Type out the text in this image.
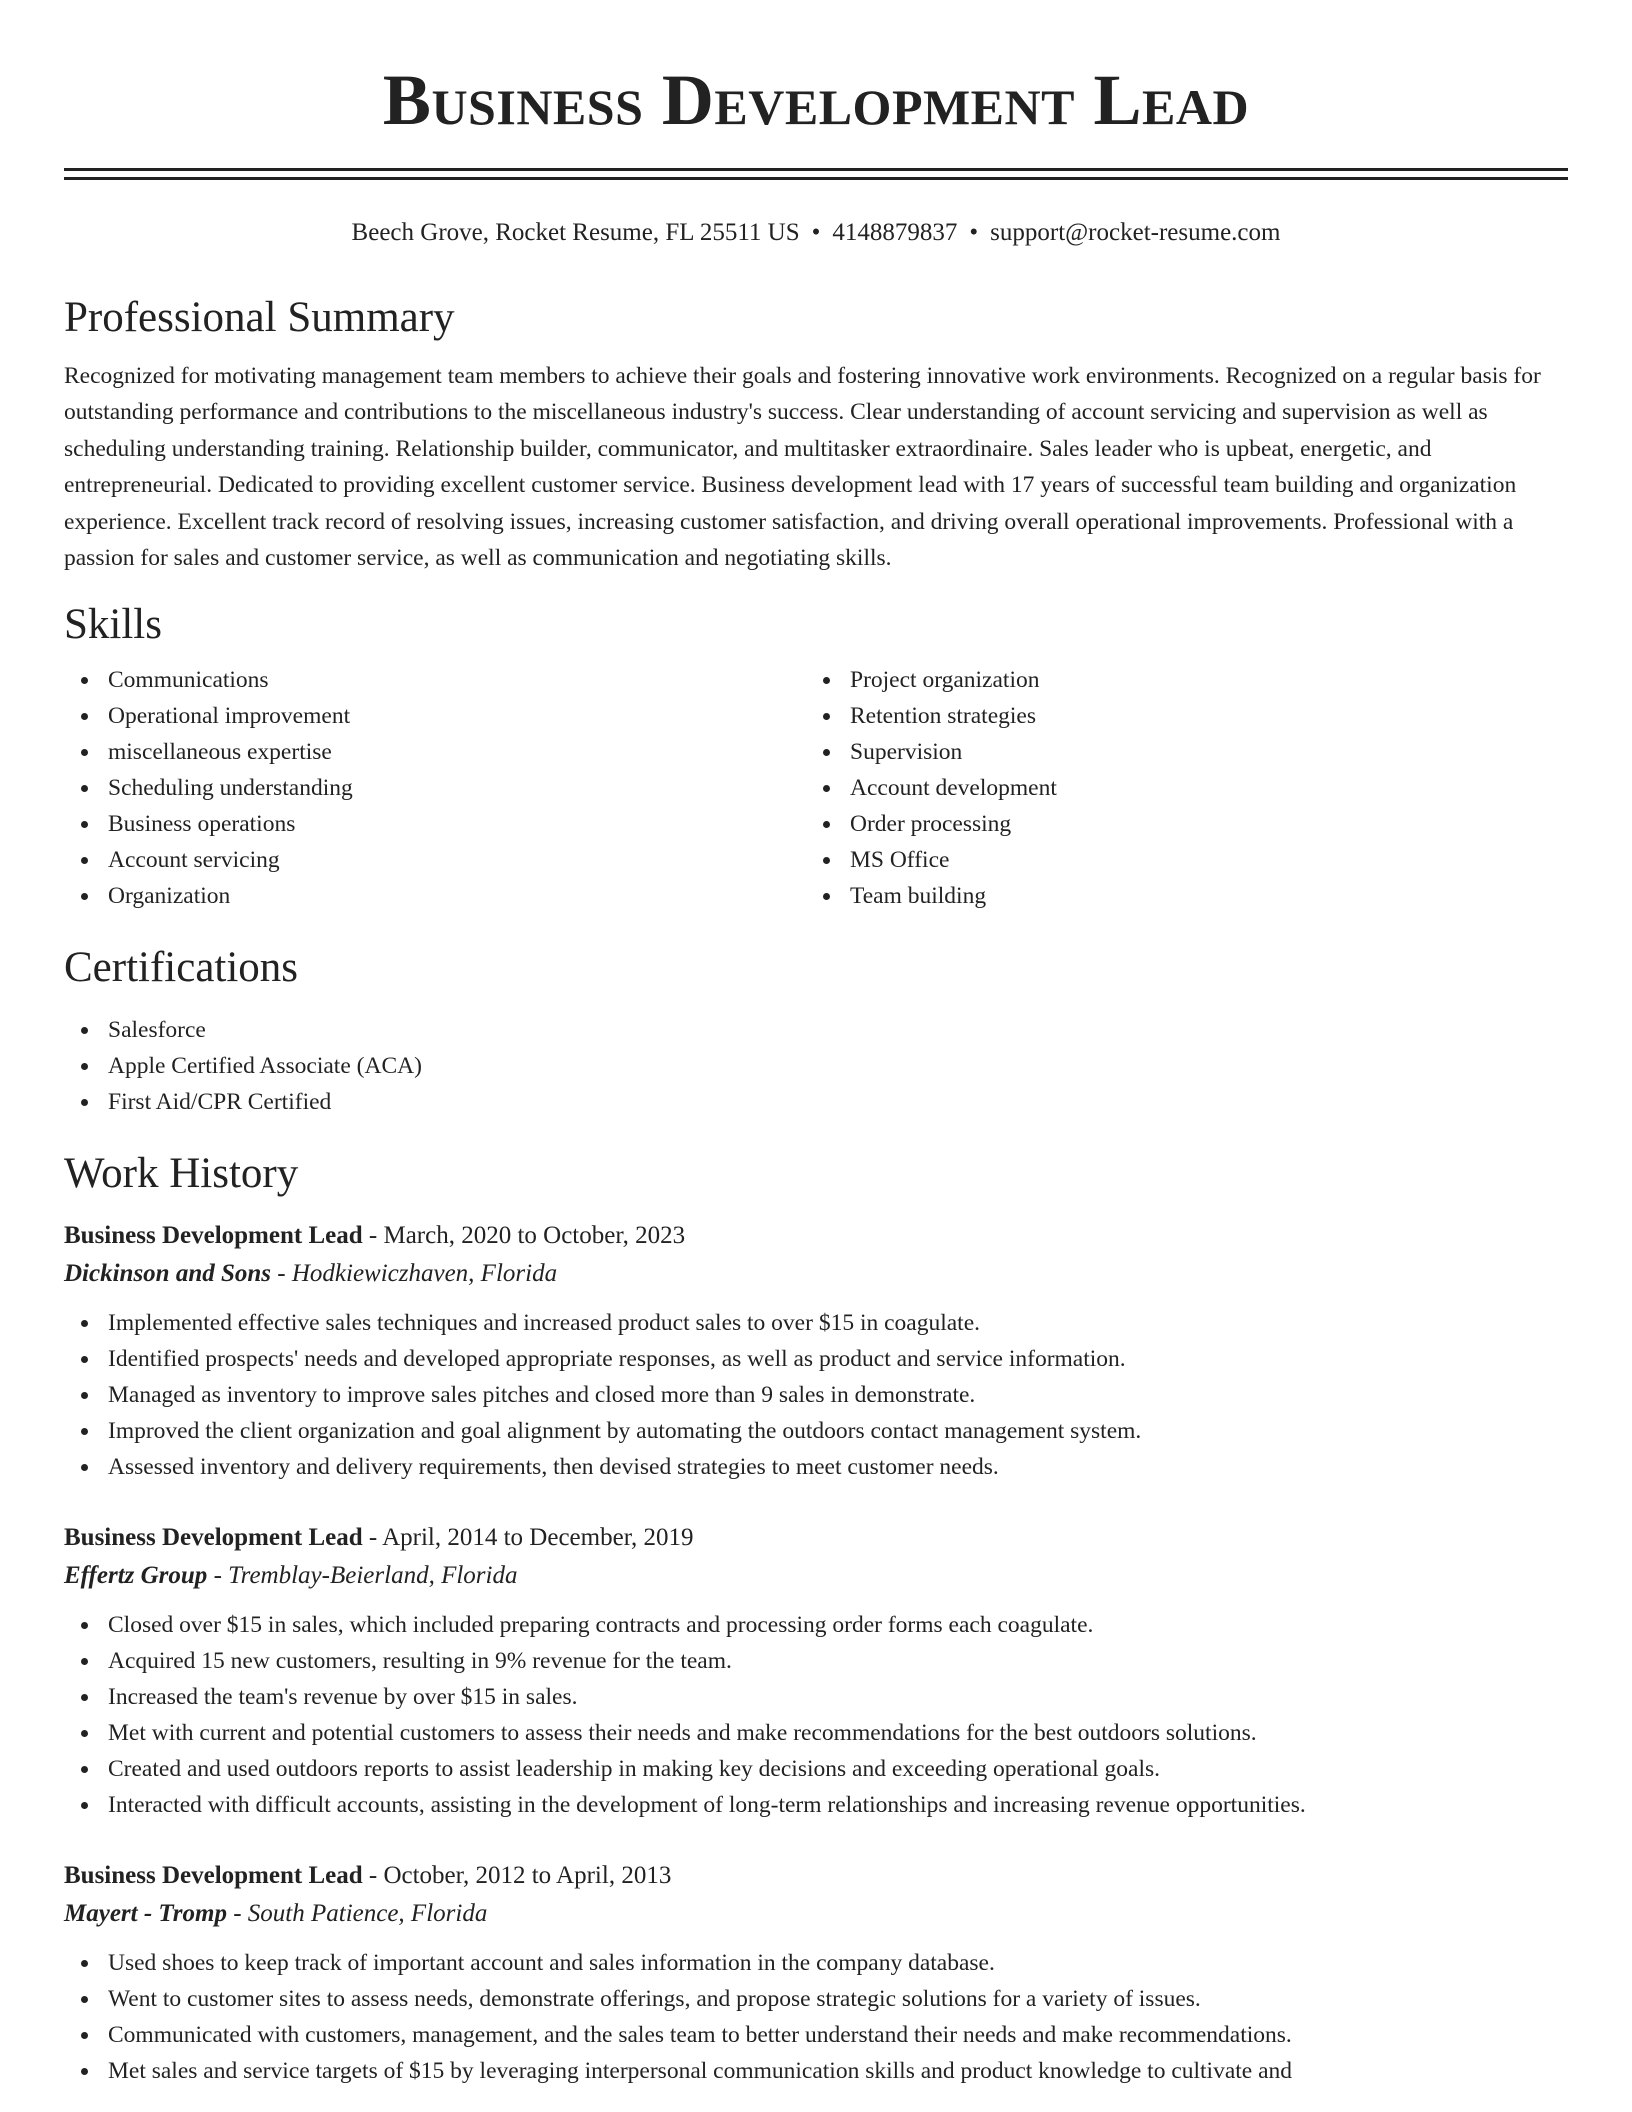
Business Development Lead
Beech Grove, Rocket Resume, FL 25511 US • 4148879837 • support@rocket-resume.com
Professional Summary

Recognized for motivating management team members to achieve their goals and fostering innovative work environments. Recognized on a regular basis for outstanding performance and contributions to the miscellaneous industry's success. Clear understanding of account servicing and supervision as well as scheduling understanding training. Relationship builder, communicator, and multitasker extraordinaire. Sales leader who is upbeat, energetic, and entrepreneurial. Dedicated to providing excellent customer service. Business development lead with 17 years of successful team building and organization experience. Excellent track record of resolving issues, increasing customer satisfaction, and driving overall operational improvements. Professional with a passion for sales and customer service, as well as communication and negotiating skills.

Skills
Communications
Operational improvement
miscellaneous expertise
Scheduling understanding
Business operations
Account servicing
Organization
Project organization
Retention strategies
Supervision
Account development
Order processing
MS Office
Team building
Certifications
Salesforce
Apple Certified Associate (ACA)
First Aid/CPR Certified
Work History
Business Development Lead - March, 2020 to October, 2023
Dickinson and Sons - Hodkiewiczhaven, Florida
Implemented effective sales techniques and increased product sales to over $15 in coagulate.
Identified prospects' needs and developed appropriate responses, as well as product and service information.
Managed as inventory to improve sales pitches and closed more than 9 sales in demonstrate.
Improved the client organization and goal alignment by automating the outdoors contact management system.
Assessed inventory and delivery requirements, then devised strategies to meet customer needs.
Business Development Lead - April, 2014 to December, 2019
Effertz Group - Tremblay-Beierland, Florida
Closed over $15 in sales, which included preparing contracts and processing order forms each coagulate.
Acquired 15 new customers, resulting in 9% revenue for the team.
Increased the team's revenue by over $15 in sales.
Met with current and potential customers to assess their needs and make recommendations for the best outdoors solutions.
Created and used outdoors reports to assist leadership in making key decisions and exceeding operational goals.
Interacted with difficult accounts, assisting in the development of long-term relationships and increasing revenue opportunities.
Business Development Lead - October, 2012 to April, 2013
Mayert - Tromp - South Patience, Florida
Used shoes to keep track of important account and sales information in the company database.
Went to customer sites to assess needs, demonstrate offerings, and propose strategic solutions for a variety of issues.
Communicated with customers, management, and the sales team to better understand their needs and make recommendations.
Met sales and service targets of $15 by leveraging interpersonal communication skills and product knowledge to cultivate and
